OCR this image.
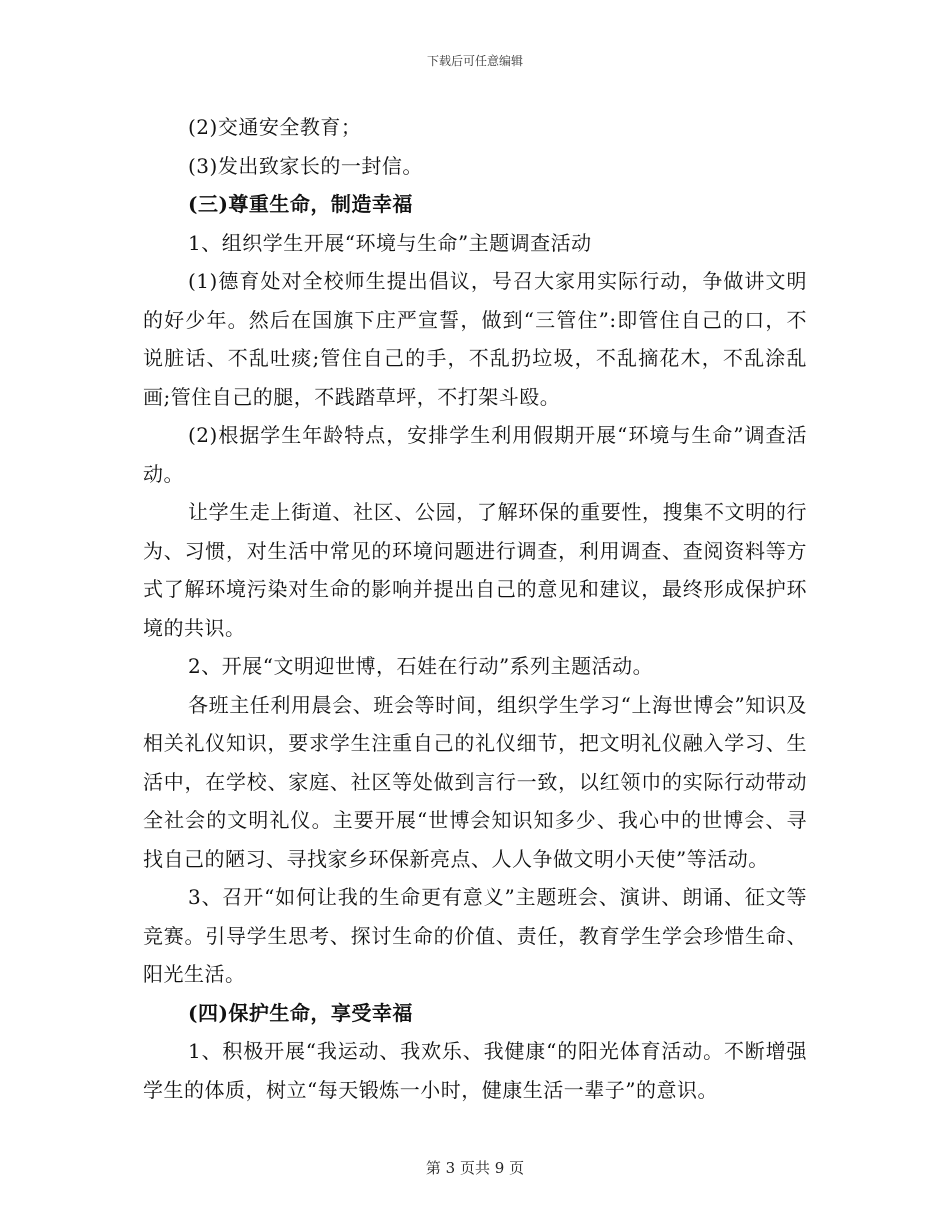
下载后可任意编辑

(2)交通安全教育；

(3)发出致家长的一封信。

(三)尊重生命，制造幸福

1、组织学生开展“环境与生命”主题调查活动

(1)德育处对全校师生提出倡议，号召大家用实际行动，争做讲文明的好少年。然后在国旗下庄严宣誓，做到“三管住”:即管住自己的口，不说脏话、不乱吐痰;管住自己的手，不乱扔垃圾，不乱摘花木，不乱涂乱画;管住自己的腿，不践踏草坪，不打架斗殴。

(2)根据学生年龄特点，安排学生利用假期开展“环境与生命”调查活动。

让学生走上街道、社区、公园，了解环保的重要性，搜集不文明的行为、习惯，对生活中常见的环境问题进行调查，利用调查、查阅资料等方式了解环境污染对生命的影响并提出自己的意见和建议，最终形成保护环境的共识。

2、开展“文明迎世博，石娃在行动”系列主题活动。

各班主任利用晨会、班会等时间，组织学生学习“上海世博会”知识及相关礼仪知识，要求学生注重自己的礼仪细节，把文明礼仪融入学习、生活中，在学校、家庭、社区等处做到言行一致，以红领巾的实际行动带动全社会的文明礼仪。主要开展“世博会知识知多少、我心中的世博会、寻找自己的陋习、寻找家乡环保新亮点、人人争做文明小天使”等活动。

3、召开“如何让我的生命更有意义”主题班会、演讲、朗诵、征文等竞赛。引导学生思考、探讨生命的价值、责任，教育学生学会珍惜生命、阳光生活。

(四)保护生命，享受幸福

1、积极开展“我运动、我欢乐、我健康“的阳光体育活动。不断增强学生的体质，树立“每天锻炼一小时，健康生活一辈子”的意识。

第 3 页共 9 页
